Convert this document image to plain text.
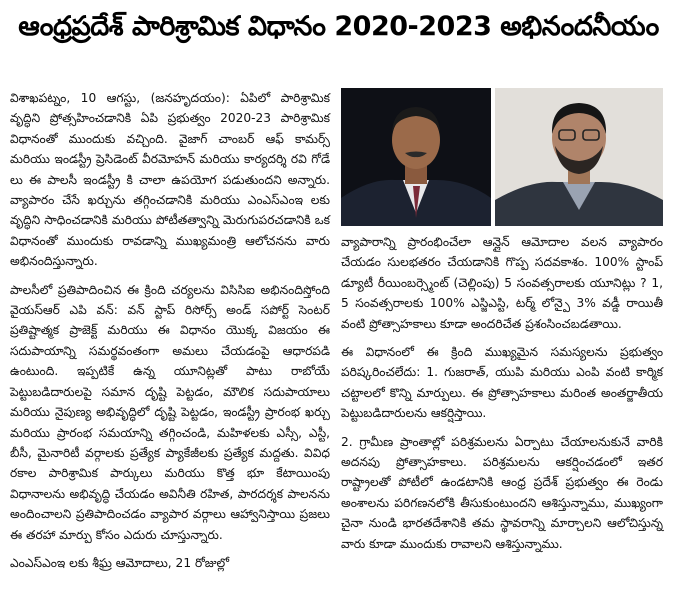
ఆంధ్రప్రదేశ్ పారిశ్రామిక విధానం 2020-2023 అభినందనీయం

విశాఖపట్నం, 10 ఆగస్టు, (జనహృదయం): ఏపిలో పారిశ్రామిక వృద్ధిని ప్రోత్సహించడానికి ఏపి ప్రభుత్వం 2020-23 పారిశ్రామిక విధానంతో ముందుకు వచ్చింది. వైజాగ్ చాంబర్ ఆఫ్ కామర్స్ మరియు ఇండస్ట్రీ ప్రెసిడెంట్ వీరమోహన్ మరియు కార్యదర్శి రవి గోడే లు ఈ పాలసీ ఇండస్ట్రీ కి చాలా ఉపయోగ పడుతుందని అన్నారు. వ్యాపారం చేసే ఖర్చును తగ్గించడానికి మరియు ఎంఎస్ఎంఇ లకు వృద్ధిని సాధించడానికి మరియు పోటీతత్వాన్ని మెరుగుపరచడానికి ఒక విధానంతో ముందుకు రావడాన్ని ముఖ్యమంత్రి ఆలోచనను వారు అభినందిస్తున్నారు.

పాలసీలో ప్రతిపాదించిన ఈ క్రింది చర్యలను విసిసిఐ అభినందిస్తోంది వైయస్ఆర్ ఎపి వన్: వన్ స్టాప్ రిసోర్స్ అండ్ సపోర్ట్ సెంటర్ ప్రతిష్టాత్మక ప్రాజెక్ట్ మరియు ఈ విధానం యొక్క విజయం ఈ సదుపాయాన్ని సమర్థవంతంగా అమలు చేయడంపై ఆధారపడి ఉంటుంది. ఇప్పటికే ఉన్న యూనిట్లతో పాటు రాబోయే పెట్టుబడిదారులపై సమాన దృష్టి పెట్టడం, మౌలిక సదుపాయాలు మరియు నైపుణ్య అభివృద్ధిలో దృష్టి పెట్టడం, ఇండస్ట్రీ ప్రారంభ ఖర్చు మరియు ప్రారంభ సమయాన్ని తగ్గించండి, మహిళలకు ఎస్సీ, ఎస్టీ, బీసీ, మైనారిటీ వర్గాలకు ప్రత్యేక ప్యాకేజీలకు ప్రత్యేక మద్దతు. వివిధ రకాల పారిశ్రామిక పార్కులు మరియు కొత్త భూ కేటాయింపు విధానాలను అభివృద్ధి చేయడం అవినీతి రహిత, పారదర్శక పాలనను అందించాలని ప్రతిపాదించడం వ్యాపార వర్గాలు ఆహ్వానిస్తాయి ప్రజలు ఈ తరహా మార్పు కోసం ఎదురు చూస్తున్నారు.

ఎంఎస్ఎంఇ లకు శీఘ్ర ఆమోదాలు, 21 రోజుల్లో

వ్యాపారాన్ని ప్రారంభించేలా ఆన్లైన్ ఆమోదాల వలన వ్యాపారం చేయడం సులభతరం చేయడానికి గొప్ప సదవకాశం. 100% స్టాంప్ డ్యూటీ రీయింబర్స్మెంట్ (చెల్లింపు) 5 సంవత్సరాలకు యూనిట్లు ? 1, 5 సంవత్సరాలకు 100% ఎస్జిఎస్టి, టర్మ్ లోన్పై 3% వడ్డీ రాయితీ వంటి ప్రోత్సాహకాలు కూడా అందరిచేత ప్రశంసించబడతాయి.

ఈ విధానంలో ఈ క్రింది ముఖ్యమైన సమస్యలను ప్రభుత్వం పరిష్కరించలేదు: 1. గుజరాత్, యుపి మరియు ఎంపి వంటి కార్మిక చట్టాలలో కొన్ని మార్పులు. ఈ ప్రోత్సాహకాలు మరింత అంతర్జాతీయ పెట్టుబడిదారులను ఆకర్షిస్తాయి.

2. గ్రామీణ ప్రాంతాల్లో పరిశ్రమలను ఏర్పాటు చేయాలనుకునే వారికి అదనపు ప్రోత్సాహకాలు. పరిశ్రమలను ఆకర్షించడంలో ఇతర రాష్ట్రాలతో పోటీలో ఉండటానికి ఆంధ్ర ప్రదేశ్ ప్రభుత్వం ఈ రెండు అంశాలను పరిగణనలోకి తీసుకుంటుందని ఆశిస్తున్నాము, ముఖ్యంగా చైనా నుండి భారతదేశానికి తమ స్థావరాన్ని మార్చాలని ఆలోచిస్తున్న వారు కూడా ముందుకు రావాలని ఆశిస్తున్నాము.
